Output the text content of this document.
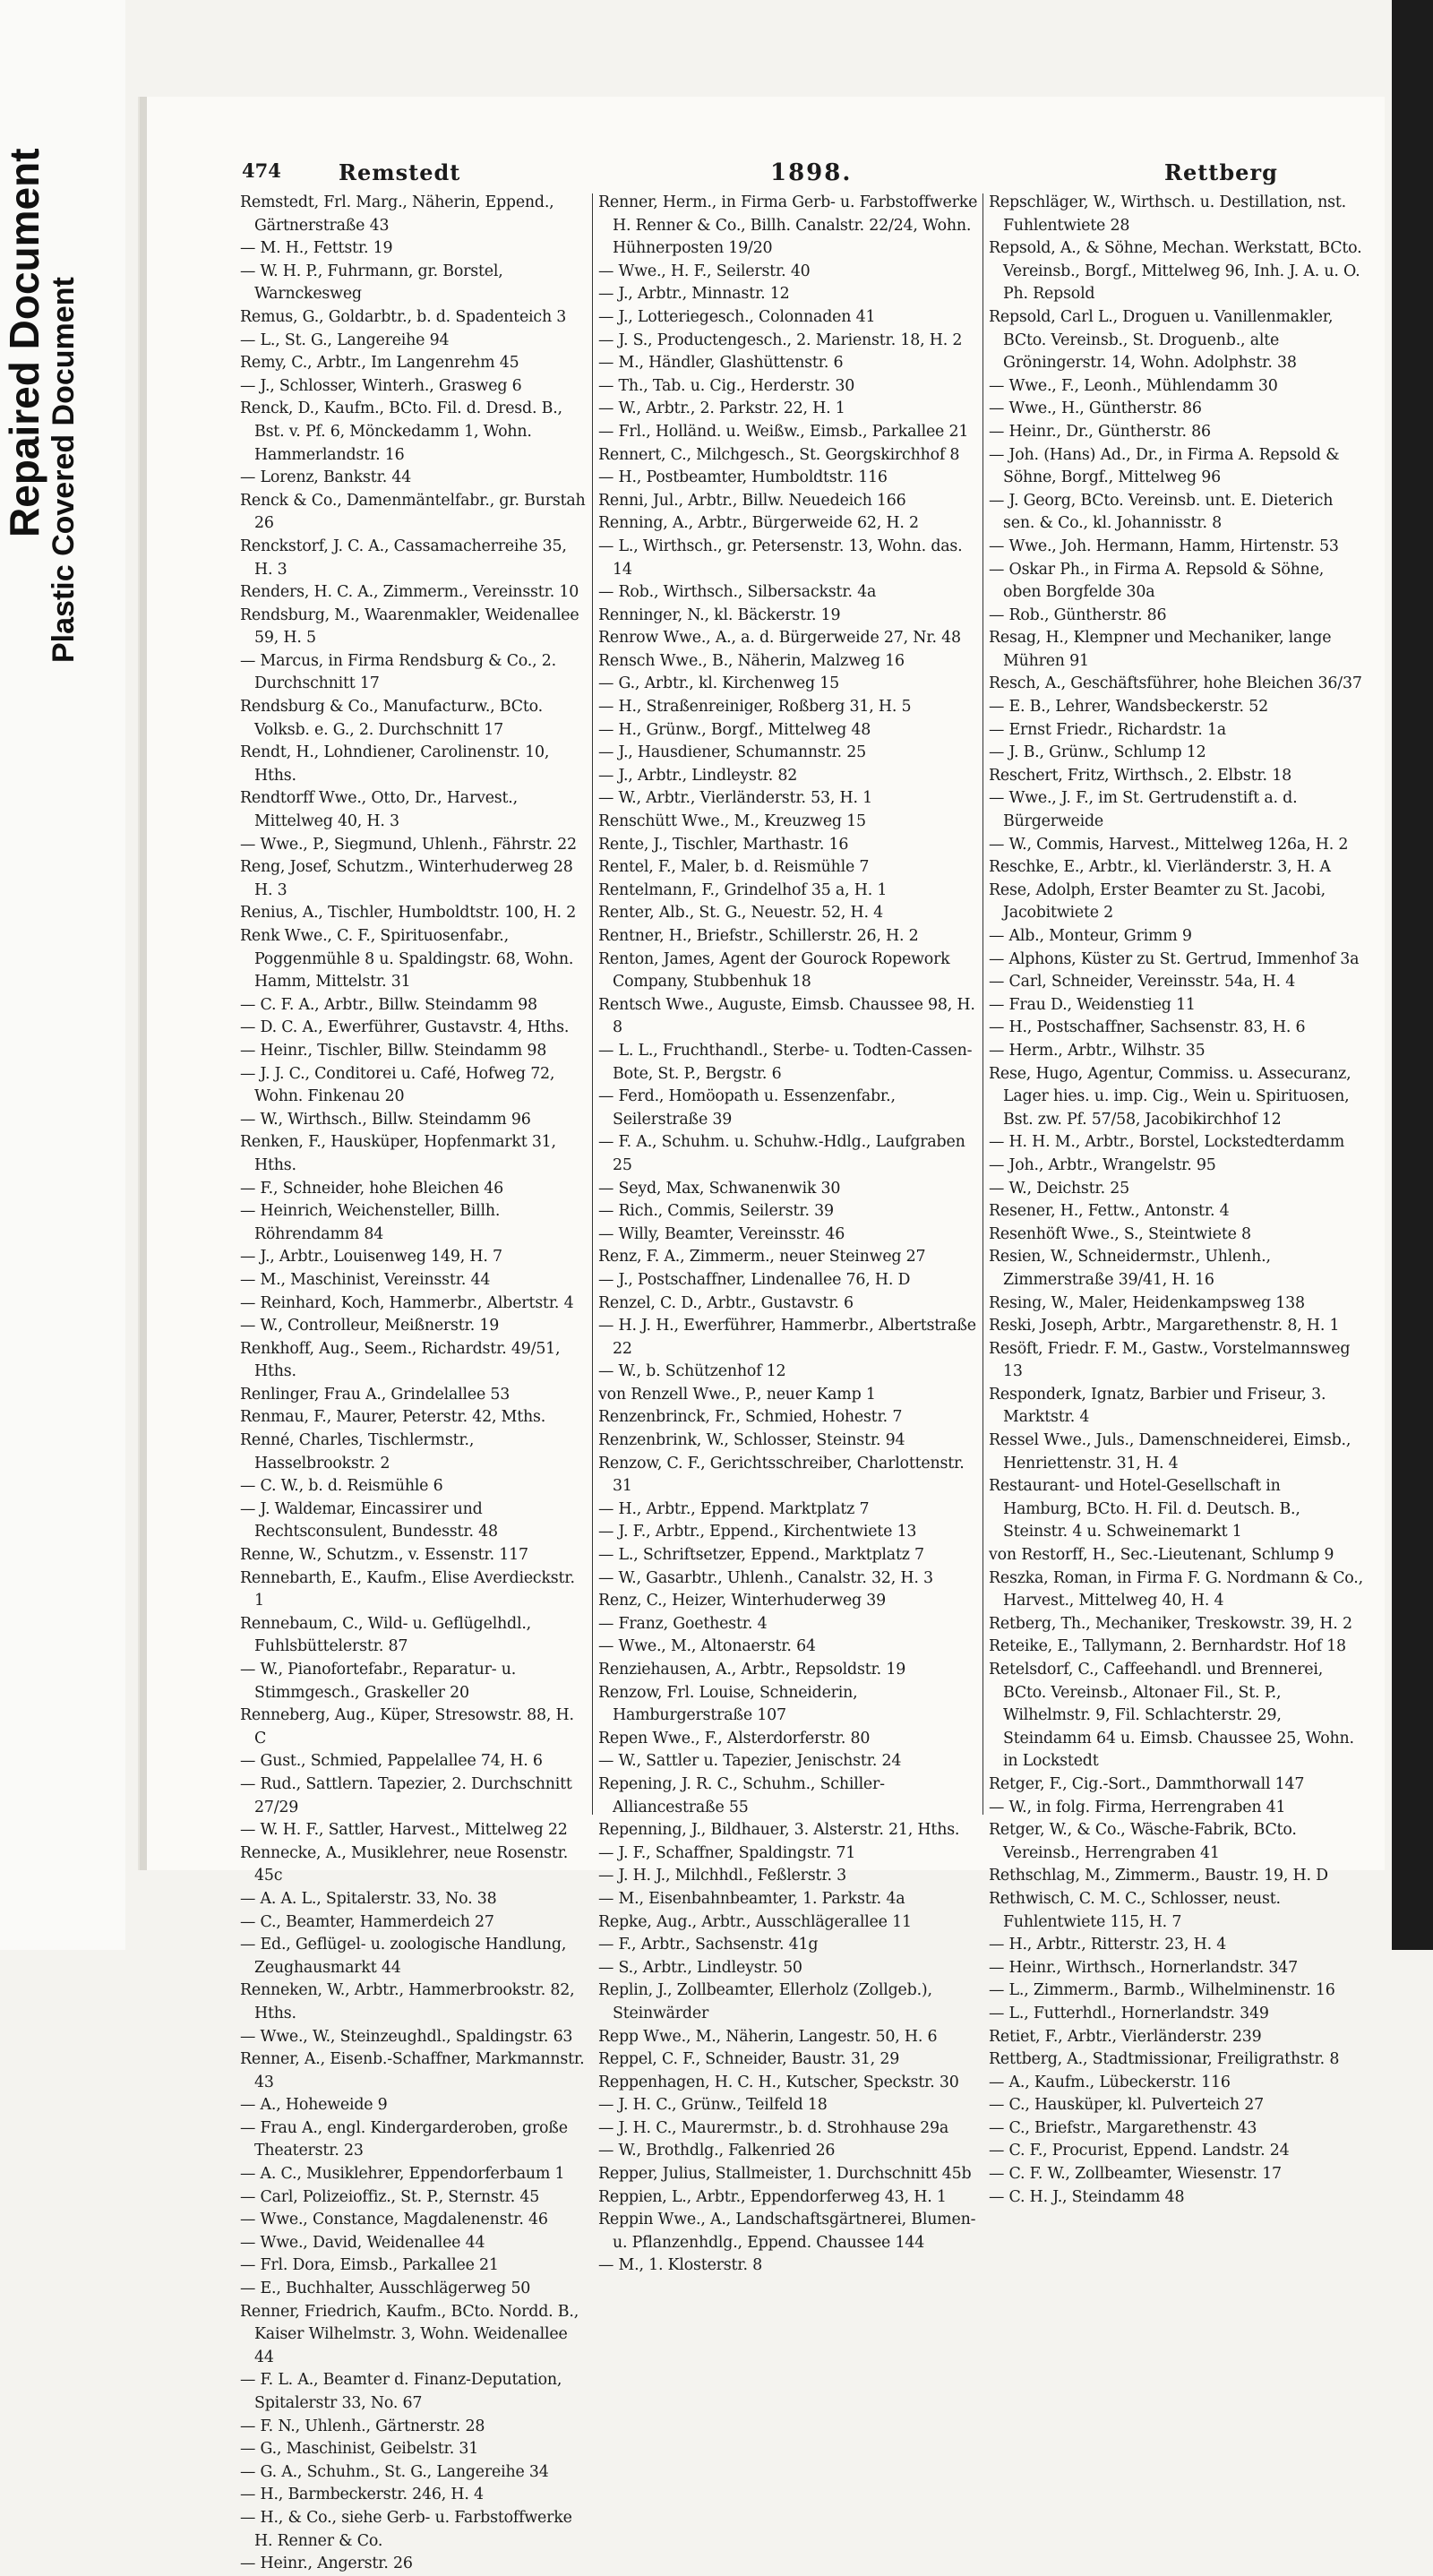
Repaired Document Plastic Covered Document
474	Remstedt	1898.	Rettberg

Remstedt, Frl. Marg., Näherin, Eppend., Gärtnerstraße 43

— M. H., Fettstr. 19

— W. H. P., Fuhrmann, gr. Borstel, Warnckesweg

Remus, G., Goldarbtr., b. d. Spadenteich 3

— L., St. G., Langereihe 94

Remy, C., Arbtr., Im Langenrehm 45

— J., Schlosser, Winterh., Grasweg 6

Renck, D., Kaufm., BCto. Fil. d. Dresd. B., Bst. v. Pf. 6, Mönckedamm 1, Wohn. Hammerlandstr. 16

— Lorenz, Bankstr. 44

Renck & Co., Damenmäntelfabr., gr. Burstah 26

Renckstorf, J. C. A., Cassamacherreihe 35, H. 3

Renders, H. C. A., Zimmerm., Vereinsstr. 10

Rendsburg, M., Waarenmakler, Weidenallee 59, H. 5

— Marcus, in Firma Rendsburg & Co., 2. Durchschnitt 17

Rendsburg & Co., Manufacturw., BCto. Volksb. e. G., 2. Durchschnitt 17

Rendt, H., Lohndiener, Carolinenstr. 10, Hths.

Rendtorff Wwe., Otto, Dr., Harvest., Mittelweg 40, H. 3

— Wwe., P., Siegmund, Uhlenh., Fährstr. 22

Reng, Josef, Schutzm., Winterhuderweg 28 H. 3

Renius, A., Tischler, Humboldtstr. 100, H. 2

Renk Wwe., C. F., Spirituosenfabr., Poggenmühle 8 u. Spaldingstr. 68, Wohn. Hamm, Mittelstr. 31

— C. F. A., Arbtr., Billw. Steindamm 98

— D. C. A., Ewerführer, Gustavstr. 4, Hths.

— Heinr., Tischler, Billw. Steindamm 98

— J. J. C., Conditorei u. Café, Hofweg 72, Wohn. Finkenau 20

— W., Wirthsch., Billw. Steindamm 96

Renken, F., Hausküper, Hopfenmarkt 31, Hths.

— F., Schneider, hohe Bleichen 46

— Heinrich, Weichensteller, Billh. Röhrendamm 84

— J., Arbtr., Louisenweg 149, H. 7

— M., Maschinist, Vereinsstr. 44

— Reinhard, Koch, Hammerbr., Albertstr. 4

— W., Controlleur, Meißnerstr. 19

Renkhoff, Aug., Seem., Richardstr. 49/51, Hths.

Renlinger, Frau A., Grindelallee 53

Renmau, F., Maurer, Peterstr. 42, Mths.

Renné, Charles, Tischlermstr., Hasselbrookstr. 2

— C. W., b. d. Reismühle 6

— J. Waldemar, Eincassirer und Rechtsconsulent, Bundesstr. 48

Renne, W., Schutzm., v. Essenstr. 117

Rennebarth, E., Kaufm., Elise Averdieckstr. 1

Rennebaum, C., Wild- u. Geflügelhdl., Fuhlsbüttelerstr. 87

— W., Pianofortefabr., Reparatur- u. Stimmgesch., Graskeller 20

Renneberg, Aug., Küper, Stresowstr. 88, H. C

— Gust., Schmied, Pappelallee 74, H. 6

— Rud., Sattlern. Tapezier, 2. Durchschnitt 27/29

— W. H. F., Sattler, Harvest., Mittelweg 22

Rennecke, A., Musiklehrer, neue Rosenstr. 45c

— A. A. L., Spitalerstr. 33, No. 38

— C., Beamter, Hammerdeich 27

— Ed., Geflügel- u. zoologische Handlung, Zeughausmarkt 44

Renneken, W., Arbtr., Hammerbrookstr. 82, Hths.

— Wwe., W., Steinzeughdl., Spaldingstr. 63

Renner, A., Eisenb.-Schaffner, Markmannstr. 43

— A., Hoheweide 9

— Frau A., engl. Kindergarderoben, große Theaterstr. 23

— A. C., Musiklehrer, Eppendorferbaum 1

— Carl, Polizeioffiz., St. P., Sternstr. 45

— Wwe., Constance, Magdalenenstr. 46

— Wwe., David, Weidenallee 44

— Frl. Dora, Eimsb., Parkallee 21

— E., Buchhalter, Ausschlägerweg 50

Renner, Friedrich, Kaufm., BCto. Nordd. B., Kaiser Wilhelmstr. 3, Wohn. Weidenallee 44

— F. L. A., Beamter d. Finanz-Deputation, Spitalerstr 33, No. 67

— F. N., Uhlenh., Gärtnerstr. 28

— G., Maschinist, Geibelstr. 31

— G. A., Schuhm., St. G., Langereihe 34

— H., Barmbeckerstr. 246, H. 4

— H., & Co., siehe Gerb- u. Farbstoffwerke H. Renner & Co.

— Heinr., Angerstr. 26

Renner, Herm., in Firma Gerb- u. Farbstoffwerke H. Renner & Co., Billh. Canalstr. 22/24, Wohn. Hühnerposten 19/20

— Wwe., H. F., Seilerstr. 40

— J., Arbtr., Minnastr. 12

— J., Lotteriegesch., Colonnaden 41

— J. S., Productengesch., 2. Marienstr. 18, H. 2

— M., Händler, Glashüttenstr. 6

— Th., Tab. u. Cig., Herderstr. 30

— W., Arbtr., 2. Parkstr. 22, H. 1

— Frl., Holländ. u. Weißw., Eimsb., Parkallee 21

Rennert, C., Milchgesch., St. Georgskirchhof 8

— H., Postbeamter, Humboldtstr. 116

Renni, Jul., Arbtr., Billw. Neuedeich 166

Renning, A., Arbtr., Bürgerweide 62, H. 2

— L., Wirthsch., gr. Petersenstr. 13, Wohn. das. 14

— Rob., Wirthsch., Silbersackstr. 4a

Renninger, N., kl. Bäckerstr. 19

Renrow Wwe., A., a. d. Bürgerweide 27, Nr. 48

Rensch Wwe., B., Näherin, Malzweg 16

— G., Arbtr., kl. Kirchenweg 15

— H., Straßenreiniger, Roßberg 31, H. 5

— H., Grünw., Borgf., Mittelweg 48

— J., Hausdiener, Schumannstr. 25

— J., Arbtr., Lindleystr. 82

— W., Arbtr., Vierländerstr. 53, H. 1

Renschütt Wwe., M., Kreuzweg 15

Rente, J., Tischler, Marthastr. 16

Rentel, F., Maler, b. d. Reismühle 7

Rentelmann, F., Grindelhof 35 a, H. 1

Renter, Alb., St. G., Neuestr. 52, H. 4

Rentner, H., Briefstr., Schillerstr. 26, H. 2

Renton, James, Agent der Gourock Ropework Company, Stubbenhuk 18

Rentsch Wwe., Auguste, Eimsb. Chaussee 98, H. 8

— L. L., Fruchthandl., Sterbe- u. Todten-Cassen-Bote, St. P., Bergstr. 6

— Ferd., Homöopath u. Essenzenfabr., Seilerstraße 39

— F. A., Schuhm. u. Schuhw.-Hdlg., Laufgraben 25

— Seyd, Max, Schwanenwik 30

— Rich., Commis, Seilerstr. 39

— Willy, Beamter, Vereinsstr. 46

Renz, F. A., Zimmerm., neuer Steinweg 27

— J., Postschaffner, Lindenallee 76, H. D

Renzel, C. D., Arbtr., Gustavstr. 6

— H. J. H., Ewerführer, Hammerbr., Albertstraße 22

— W., b. Schützenhof 12

von Renzell Wwe., P., neuer Kamp 1

Renzenbrinck, Fr., Schmied, Hohestr. 7

Renzenbrink, W., Schlosser, Steinstr. 94

Renzow, C. F., Gerichtsschreiber, Charlottenstr. 31

— H., Arbtr., Eppend. Marktplatz 7

— J. F., Arbtr., Eppend., Kirchentwiete 13

— L., Schriftsetzer, Eppend., Marktplatz 7

— W., Gasarbtr., Uhlenh., Canalstr. 32, H. 3

Renz, C., Heizer, Winterhuderweg 39

— Franz, Goethestr. 4

— Wwe., M., Altonaerstr. 64

Renziehausen, A., Arbtr., Repsoldstr. 19

Renzow, Frl. Louise, Schneiderin, Hamburgerstraße 107

Repen Wwe., F., Alsterdorferstr. 80

— W., Sattler u. Tapezier, Jenischstr. 24

Repening, J. R. C., Schuhm., Schiller-Alliancestraße 55

Repenning, J., Bildhauer, 3. Alsterstr. 21, Hths.

— J. F., Schaffner, Spaldingstr. 71

— J. H. J., Milchhdl., Feßlerstr. 3

— M., Eisenbahnbeamter, 1. Parkstr. 4a

Repke, Aug., Arbtr., Ausschlägerallee 11

— F., Arbtr., Sachsenstr. 41g

— S., Arbtr., Lindleystr. 50

Replin, J., Zollbeamter, Ellerholz (Zollgeb.), Steinwärder

Repp Wwe., M., Näherin, Langestr. 50, H. 6

Reppel, C. F., Schneider, Baustr. 31, 29

Reppenhagen, H. C. H., Kutscher, Speckstr. 30

— J. H. C., Grünw., Teilfeld 18

— J. H. C., Maurermstr., b. d. Strohhause 29a

— W., Brothdlg., Falkenried 26

Repper, Julius, Stallmeister, 1. Durchschnitt 45b

Reppien, L., Arbtr., Eppendorferweg 43, H. 1

Reppin Wwe., A., Landschaftsgärtnerei, Blumen- u. Pflanzenhdlg., Eppend. Chaussee 144

— M., 1. Klosterstr. 8

Repschläger, W., Wirthsch. u. Destillation, nst. Fuhlentwiete 28

Repsold, A., & Söhne, Mechan. Werkstatt, BCto. Vereinsb., Borgf., Mittelweg 96, Inh. J. A. u. O. Ph. Repsold

Repsold, Carl L., Droguen u. Vanillenmakler, BCto. Vereinsb., St. Droguenb., alte Gröningerstr. 14, Wohn. Adolphstr. 38

— Wwe., F., Leonh., Mühlendamm 30

— Wwe., H., Güntherstr. 86

— Heinr., Dr., Güntherstr. 86

— Joh. (Hans) Ad., Dr., in Firma A. Repsold & Söhne, Borgf., Mittelweg 96

— J. Georg, BCto. Vereinsb. unt. E. Dieterich sen. & Co., kl. Johannisstr. 8

— Wwe., Joh. Hermann, Hamm, Hirtenstr. 53

— Oskar Ph., in Firma A. Repsold & Söhne, oben Borgfelde 30a

— Rob., Güntherstr. 86

Resag, H., Klempner und Mechaniker, lange Mühren 91

Resch, A., Geschäftsführer, hohe Bleichen 36/37

— E. B., Lehrer, Wandsbeckerstr. 52

— Ernst Friedr., Richardstr. 1a

— J. B., Grünw., Schlump 12

Reschert, Fritz, Wirthsch., 2. Elbstr. 18

— Wwe., J. F., im St. Gertrudenstift a. d. Bürgerweide

— W., Commis, Harvest., Mittelweg 126a, H. 2

Reschke, E., Arbtr., kl. Vierländerstr. 3, H. A

Rese, Adolph, Erster Beamter zu St. Jacobi, Jacobitwiete 2

— Alb., Monteur, Grimm 9

— Alphons, Küster zu St. Gertrud, Immenhof 3a

— Carl, Schneider, Vereinsstr. 54a, H. 4

— Frau D., Weidenstieg 11

— H., Postschaffner, Sachsenstr. 83, H. 6

— Herm., Arbtr., Wilhstr. 35

Rese, Hugo, Agentur, Commiss. u. Assecuranz, Lager hies. u. imp. Cig., Wein u. Spirituosen, Bst. zw. Pf. 57/58, Jacobikirchhof 12

— H. H. M., Arbtr., Borstel, Lockstedterdamm

— Joh., Arbtr., Wrangelstr. 95

— W., Deichstr. 25

Resener, H., Fettw., Antonstr. 4

Resenhöft Wwe., S., Steintwiete 8

Resien, W., Schneidermstr., Uhlenh., Zimmerstraße 39/41, H. 16

Resing, W., Maler, Heidenkampsweg 138

Reski, Joseph, Arbtr., Margarethenstr. 8, H. 1

Resöft, Friedr. F. M., Gastw., Vorstelmannsweg 13

Responderk, Ignatz, Barbier und Friseur, 3. Marktstr. 4

Ressel Wwe., Juls., Damenschneiderei, Eimsb., Henriettenstr. 31, H. 4

Restaurant- und Hotel-Gesellschaft in Hamburg, BCto. H. Fil. d. Deutsch. B., Steinstr. 4 u. Schweinemarkt 1

von Restorff, H., Sec.-Lieutenant, Schlump 9

Reszka, Roman, in Firma F. G. Nordmann & Co., Harvest., Mittelweg 40, H. 4

Retberg, Th., Mechaniker, Treskowstr. 39, H. 2

Reteike, E., Tallymann, 2. Bernhardstr. Hof 18

Retelsdorf, C., Caffeehandl. und Brennerei, BCto. Vereinsb., Altonaer Fil., St. P., Wilhelmstr. 9, Fil. Schlachterstr. 29, Steindamm 64 u. Eimsb. Chaussee 25, Wohn. in Lockstedt

Retger, F., Cig.-Sort., Dammthorwall 147

— W., in folg. Firma, Herrengraben 41

Retger, W., & Co., Wäsche-Fabrik, BCto. Vereinsb., Herrengraben 41

Rethschlag, M., Zimmerm., Baustr. 19, H. D

Rethwisch, C. M. C., Schlosser, neust. Fuhlentwiete 115, H. 7

— H., Arbtr., Ritterstr. 23, H. 4

— Heinr., Wirthsch., Hornerlandstr. 347

— L., Zimmerm., Barmb., Wilhelminenstr. 16

— L., Futterhdl., Hornerlandstr. 349

Retiet, F., Arbtr., Vierländerstr. 239

Rettberg, A., Stadtmissionar, Freiligrathstr. 8

— A., Kaufm., Lübeckerstr. 116

— C., Hausküper, kl. Pulverteich 27

— C., Briefstr., Margarethenstr. 43

— C. F., Procurist, Eppend. Landstr. 24

— C. F. W., Zollbeamter, Wiesenstr. 17

— C. H. J., Steindamm 48
